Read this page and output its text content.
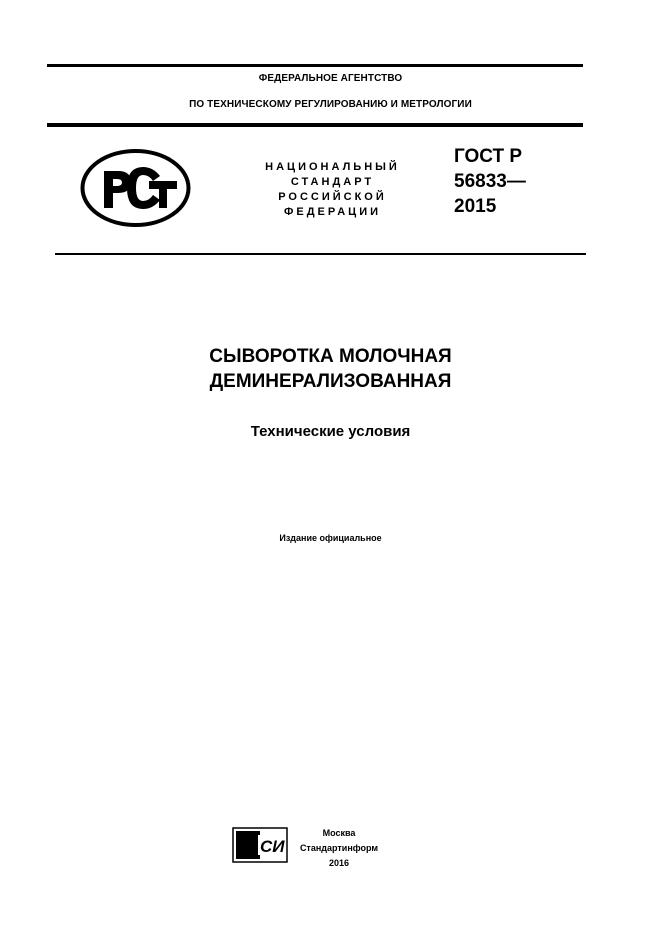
ФЕДЕРАЛЬНОЕ АГЕНТСТВО
ПО ТЕХНИЧЕСКОМУ РЕГУЛИРОВАНИЮ И МЕТРОЛОГИИ
НАЦИОНАЛЬНЫЙ
СТАНДАРТ
РОССИЙСКОЙ
ФЕДЕРАЦИИ
ГОСТ Р
56833—
2015
СЫВОРОТКА МОЛОЧНАЯ
ДЕМИНЕРАЛИЗОВАННАЯ
Технические условия
Издание официальное
СИ
Москва
Стандартинформ
2016
